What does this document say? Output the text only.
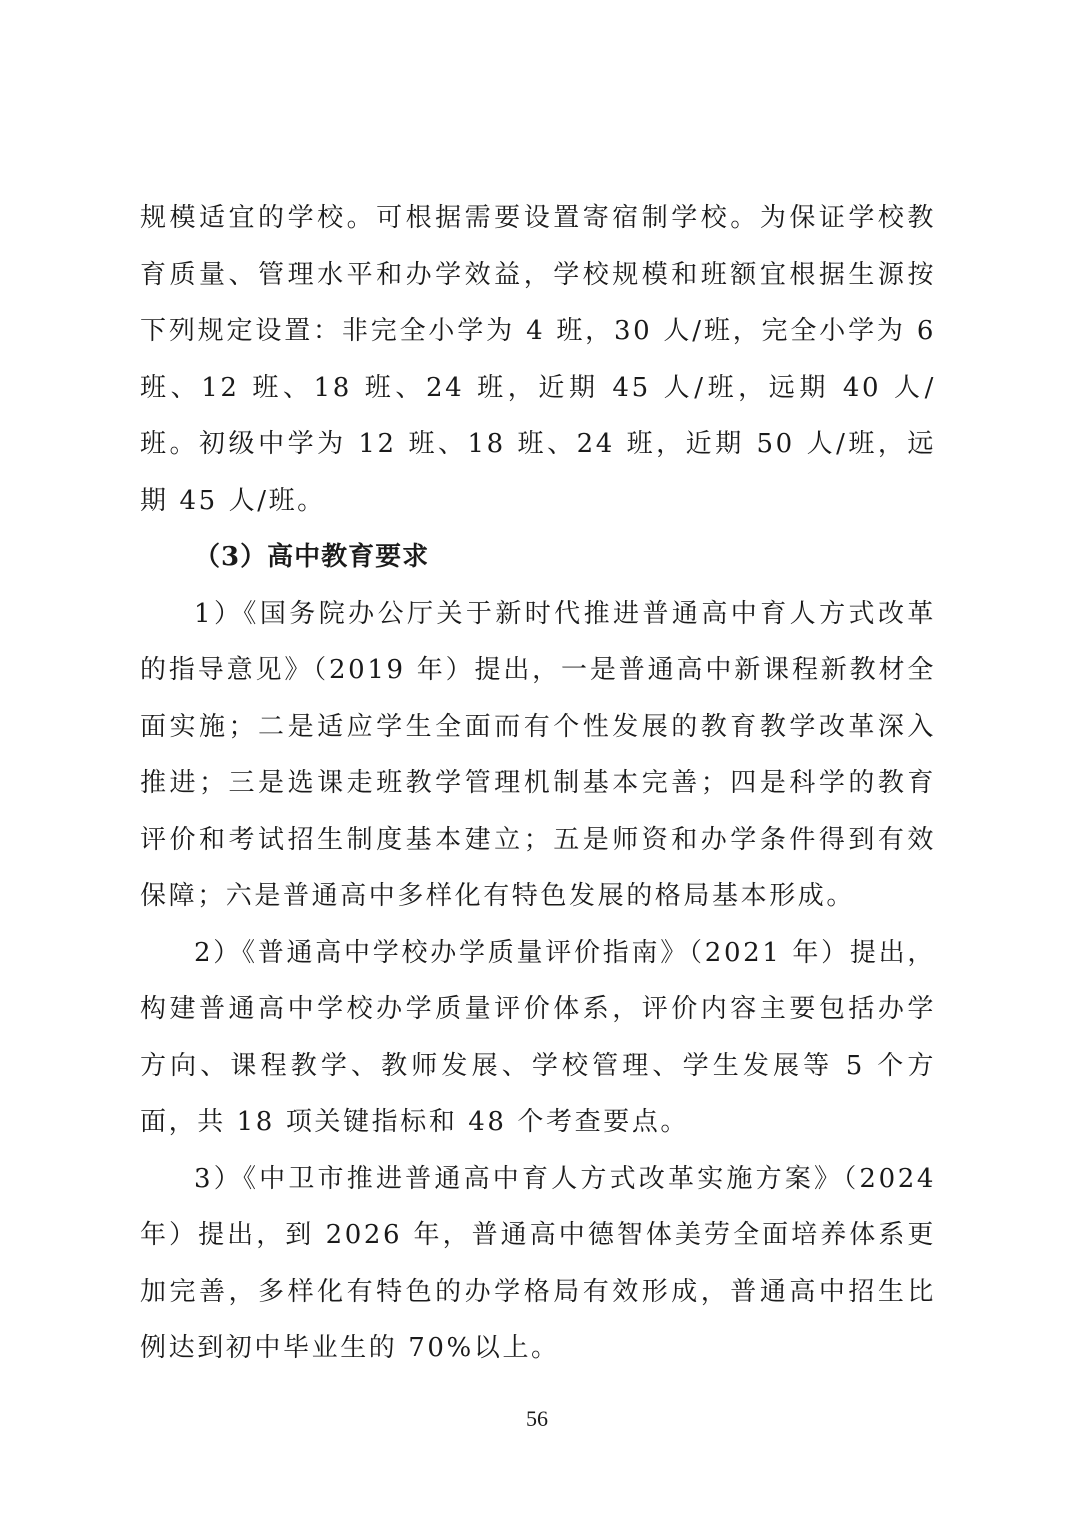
规模适宜的学校。可根据需要设置寄宿制学校。为保证学校教育质量、管理水平和办学效益，学校规模和班额宜根据生源按下列规定设置：非完全小学为 4 班，30 人/班，完全小学为 6 班、12 班、18 班、24 班，近期 45 人/班，远期 40 人/班。初级中学为 12 班、18 班、24 班，近期 50 人/班，远期 45 人/班。

（3）高中教育要求

1）《国务院办公厅关于新时代推进普通高中育人方式改革的指导意见》（2019 年）提出，一是普通高中新课程新教材全面实施；二是适应学生全面而有个性发展的教育教学改革深入推进；三是选课走班教学管理机制基本完善；四是科学的教育评价和考试招生制度基本建立；五是师资和办学条件得到有效保障；六是普通高中多样化有特色发展的格局基本形成。

2）《普通高中学校办学质量评价指南》（2021 年）提出，构建普通高中学校办学质量评价体系，评价内容主要包括办学方向、课程教学、教师发展、学校管理、学生发展等 5 个方面，共 18 项关键指标和 48 个考查要点。

3）《中卫市推进普通高中育人方式改革实施方案》（2024 年）提出，到 2026 年，普通高中德智体美劳全面培养体系更加完善，多样化有特色的办学格局有效形成，普通高中招生比例达到初中毕业生的 70%以上。

56
